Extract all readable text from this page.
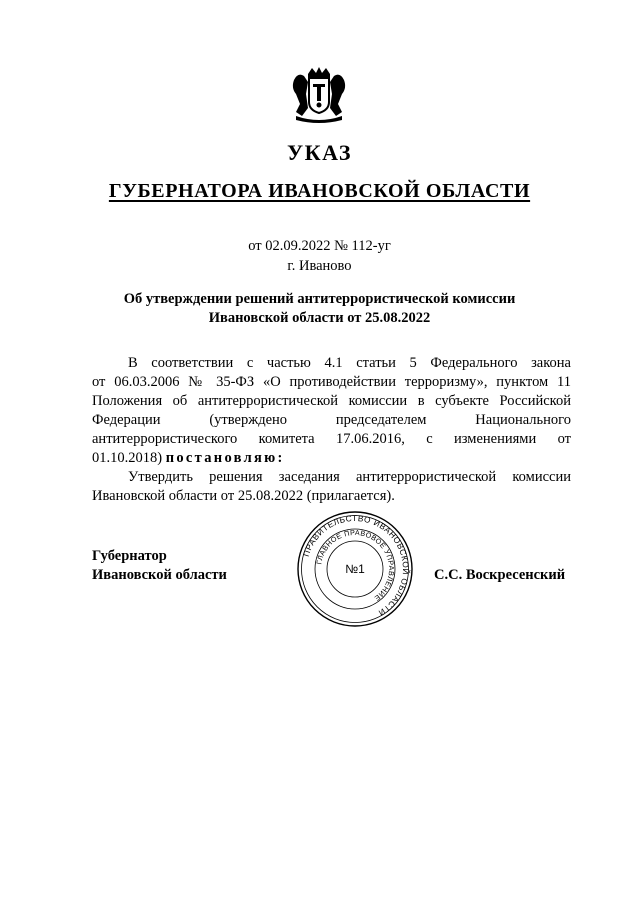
УКАЗ
ГУБЕРНАТОРА ИВАНОВСКОЙ ОБЛАСТИ

от 02.09.2022 № 112-уг

г. Иваново

Об утверждении решений антитеррористической комиссии

Ивановской области от 25.08.2022

В соответствии с частью 4.1 статьи 5 Федерального закона

от 06.03.2006 № 35-ФЗ «О противодействии терроризму», пунктом 11

Положения об антитеррористической комиссии в субъекте Российской

Федерации (утверждено председателем Национального

антитеррористического комитета 17.06.2016, с изменениями от

01.10.2018) постановляю:

Утвердить решения заседания антитеррористической комиссии

Ивановской области от 25.08.2022 (прилагается).

Губернатор

Ивановской области	С.С. Воскресенский

ПРАВИТЕЛЬСТВО ИВАНОВСКОЙ ОБЛАСТИ
ГЛАВНОЕ ПРАВОВОЕ УПРАВЛЕНИЕ
№1
